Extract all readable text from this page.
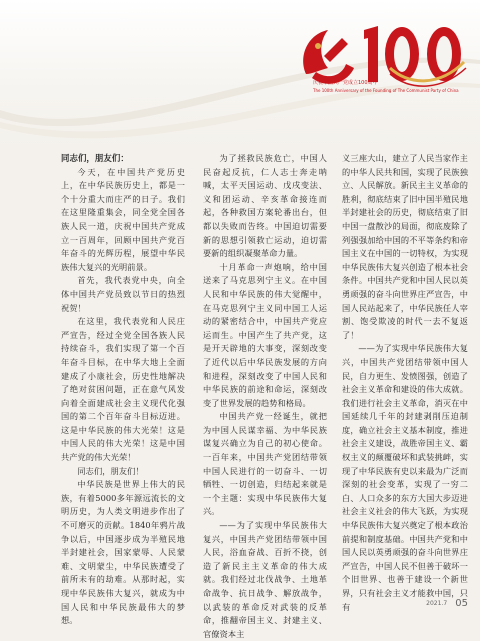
庆祝中国共产党成立100周年
The 100th Anniversary of the Founding of The Communist Party of China

同志们，朋友们：

今天，在中国共产党历史上，在中华民族历史上，都是一个十分重大而庄严的日子。我们在这里隆重集会，同全党全国各族人民一道，庆祝中国共产党成立一百周年，回顾中国共产党百年奋斗的光辉历程，展望中华民族伟大复兴的光明前景。

首先，我代表党中央，向全体中国共产党员致以节日的热烈祝贺！

在这里，我代表党和人民庄严宣告，经过全党全国各族人民持续奋斗，我们实现了第一个百年奋斗目标，在中华大地上全面建成了小康社会，历史性地解决了绝对贫困问题，正在意气风发向着全面建成社会主义现代化强国的第二个百年奋斗目标迈进。这是中华民族的伟大光荣！这是中国人民的伟大光荣！这是中国共产党的伟大光荣！

同志们，朋友们！

中华民族是世界上伟大的民族，有着5000多年源远流长的文明历史，为人类文明进步作出了不可磨灭的贡献。1840年鸦片战争以后，中国逐步成为半殖民地半封建社会，国家蒙辱、人民蒙难、文明蒙尘，中华民族遭受了前所未有的劫难。从那时起，实现中华民族伟大复兴，就成为中国人民和中华民族最伟大的梦想。

为了拯救民族危亡，中国人民奋起反抗，仁人志士奔走呐喊，太平天国运动、戊戌变法、义和团运动、辛亥革命接连而起，各种救国方案轮番出台，但都以失败而告终。中国迫切需要新的思想引领救亡运动，迫切需要新的组织凝聚革命力量。

十月革命一声炮响，给中国送来了马克思列宁主义。在中国人民和中华民族的伟大觉醒中，在马克思列宁主义同中国工人运动的紧密结合中，中国共产党应运而生。中国产生了共产党，这是开天辟地的大事变，深刻改变了近代以后中华民族发展的方向和进程，深刻改变了中国人民和中华民族的前途和命运，深刻改变了世界发展的趋势和格局。

中国共产党一经诞生，就把为中国人民谋幸福、为中华民族谋复兴确立为自己的初心使命。一百年来，中国共产党团结带领中国人民进行的一切奋斗、一切牺牲、一切创造，归结起来就是一个主题：实现中华民族伟大复兴。

——为了实现中华民族伟大复兴，中国共产党团结带领中国人民，浴血奋战、百折不挠，创造了新民主主义革命的伟大成就。我们经过北伐战争、土地革命战争、抗日战争、解放战争，以武装的革命反对武装的反革命，推翻帝国主义、封建主义、官僚资本主

义三座大山，建立了人民当家作主的中华人民共和国，实现了民族独立、人民解放。新民主主义革命的胜利，彻底结束了旧中国半殖民地半封建社会的历史，彻底结束了旧中国一盘散沙的局面，彻底废除了列强强加给中国的不平等条约和帝国主义在中国的一切特权，为实现中华民族伟大复兴创造了根本社会条件。中国共产党和中国人民以英勇顽强的奋斗向世界庄严宣告，中国人民站起来了，中华民族任人宰割、饱受欺凌的时代一去不复返了！

——为了实现中华民族伟大复兴，中国共产党团结带领中国人民，自力更生、发愤图强，创造了社会主义革命和建设的伟大成就。我们进行社会主义革命，消灭在中国延续几千年的封建剥削压迫制度，确立社会主义基本制度，推进社会主义建设，战胜帝国主义、霸权主义的颠覆破坏和武装挑衅，实现了中华民族有史以来最为广泛而深刻的社会变革，实现了一穷二白、人口众多的东方大国大步迈进社会主义社会的伟大飞跃，为实现中华民族伟大复兴奠定了根本政治前提和制度基础。中国共产党和中国人民以英勇顽强的奋斗向世界庄严宣告，中国人民不但善于破坏一个旧世界、也善于建设一个新世界，只有社会主义才能救中国，只有	2021.7 05
